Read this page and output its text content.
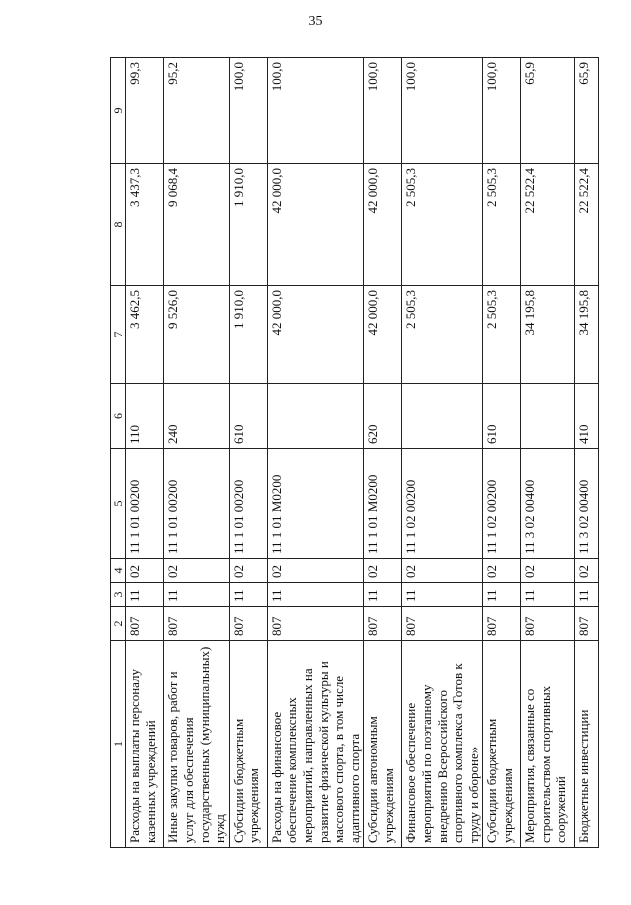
35
1	2	3	4	5	6	7	8	9
Расходы на выплаты персоналу казенных учреждений	807	11	02	11 1 01 00200	110	3 462,5	3 437,3	99,3
Иные закупки товаров, работ и услуг для обеспечения государственных (муниципальных) нужд	807	11	02	11 1 01 00200	240	9 526,0	9 068,4	95,2
Субсидии бюджетным учреждениям	807	11	02	11 1 01 00200	610	1 910,0	1 910,0	100,0
Расходы на финансовое обеспечение комплексных мероприятий, направленных на развитие физической культуры и массового спорта, в том числе адаптивного спорта	807	11	02	11 1 01 M0200		42 000,0	42 000,0	100,0
Субсидии автономным учреждениям	807	11	02	11 1 01 M0200	620	42 000,0	42 000,0	100,0
Финансовое обеспечение мероприятий по поэтапному внедрению Всероссийского спортивного комплекса «Готов к труду и обороне»	807	11	02	11 1 02 00200		2 505,3	2 505,3	100,0
Субсидии бюджетным учреждениям	807	11	02	11 1 02 00200	610	2 505,3	2 505,3	100,0
Мероприятия, связанные со строительством спортивных сооружений	807	11	02	11 3 02 00400		34 195,8	22 522,4	65,9
Бюджетные инвестиции	807	11	02	11 3 02 00400	410	34 195,8	22 522,4	65,9
